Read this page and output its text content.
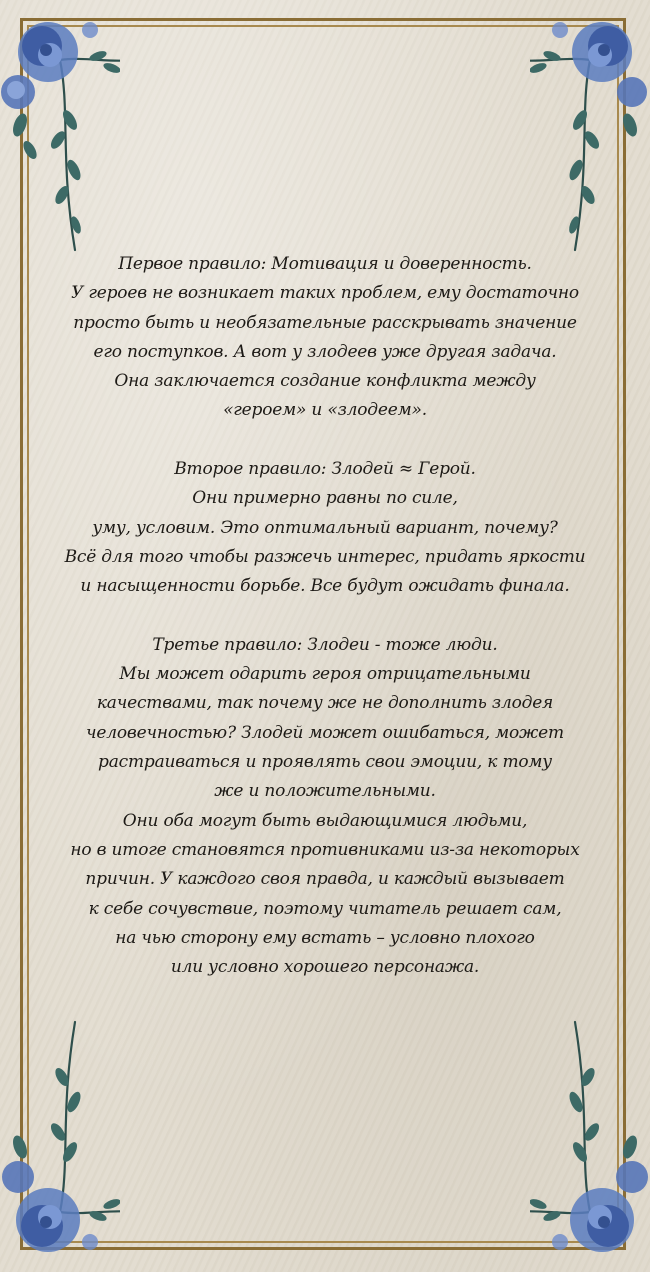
Первое правило: Мотивация и доверенность.
У героев не возникает таких проблем, ему достаточно
просто быть и необязательные расскрывать значение
его поступков. А вот у злодеев уже другая задача.
Она заключается создание конфликта между
«героем» и «злодеем».
Второе правило: Злодей ≈ Герой.
Они примерно равны по силе,
уму, условим. Это оптимальный вариант, почему?
Всё для того чтобы разжечь интерес, придать яркости
и насыщенности борьбе. Все будут ожидать финала.
Третье правило: Злодеи - тоже люди.
Мы может одарить героя отрицательными
качествами, так почему же не дополнить злодея
человечностью? Злодей может ошибаться, может
растраиваться и проявлять свои эмоции, к тому
же и положительными.
Они оба могут быть выдающимися людьми,
но в итоге становятся противниками из-за некоторых
причин. У каждого своя правда, и каждый вызывает
к себе сочувствие, поэтому читатель решает сам,
на чью сторону ему встать – условно плохого
или условно хорошего персонажа.
